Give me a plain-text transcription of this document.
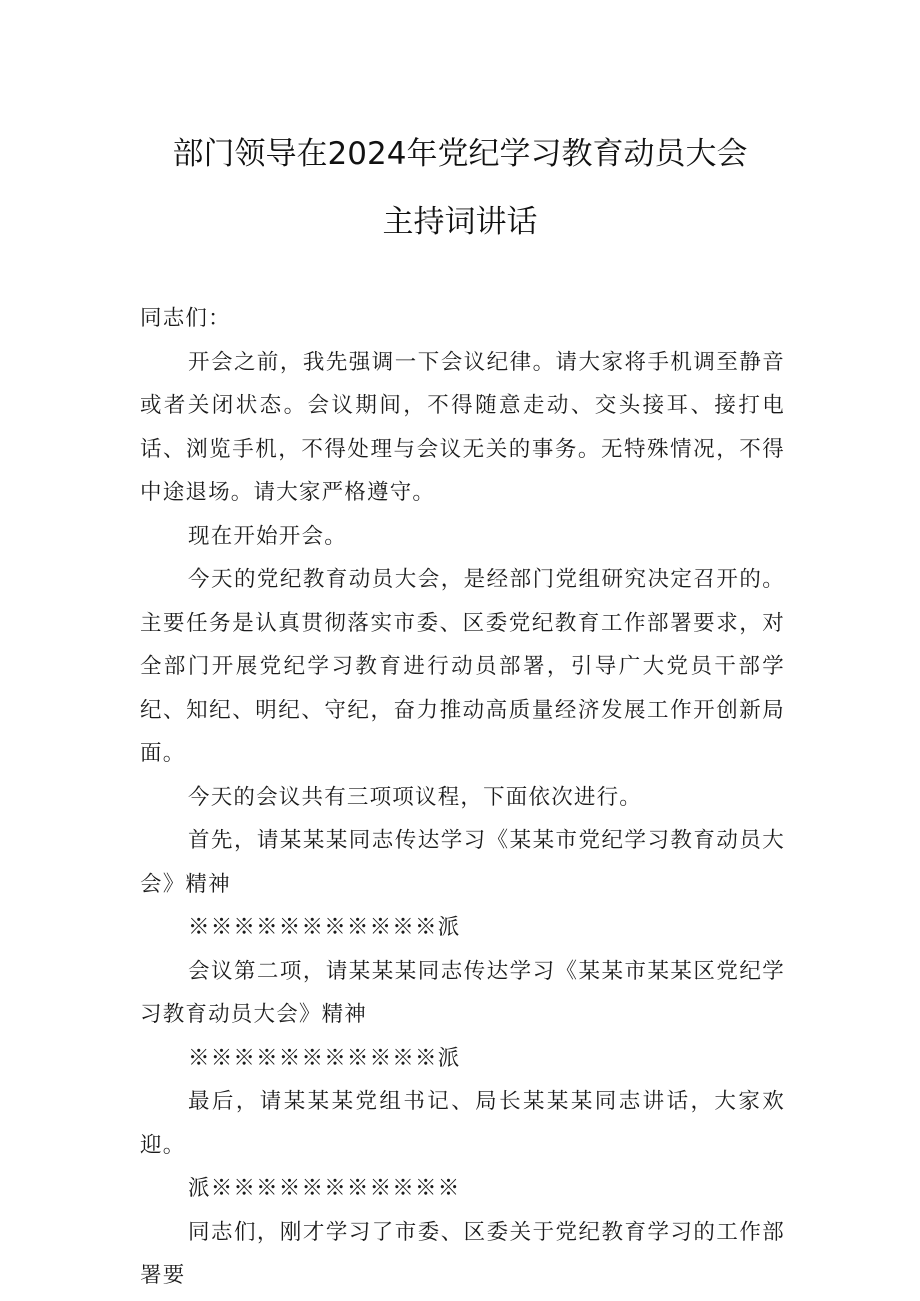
部门领导在2024年党纪学习教育动员大会
主持词讲话

同志们：

开会之前，我先强调一下会议纪律。请大家将手机调至静音或者关闭状态。会议期间，不得随意走动、交头接耳、接打电话、浏览手机，不得处理与会议无关的事务。无特殊情况，不得中途退场。请大家严格遵守。

现在开始开会。

今天的党纪教育动员大会，是经部门党组研究决定召开的。主要任务是认真贯彻落实市委、区委党纪教育工作部署要求，对全部门开展党纪学习教育进行动员部署，引导广大党员干部学纪、知纪、明纪、守纪，奋力推动高质量经济发展工作开创新局面。

今天的会议共有三项项议程，下面依次进行。

首先，请某某某同志传达学习《某某市党纪学习教育动员大会》精神

※※※※※※※※※※※派

会议第二项，请某某某同志传达学习《某某市某某区党纪学习教育动员大会》精神

※※※※※※※※※※※派

最后，请某某某党组书记、局长某某某同志讲话，大家欢迎。

派※※※※※※※※※※※

同志们，刚才学习了市委、区委关于党纪教育学习的工作部署要
